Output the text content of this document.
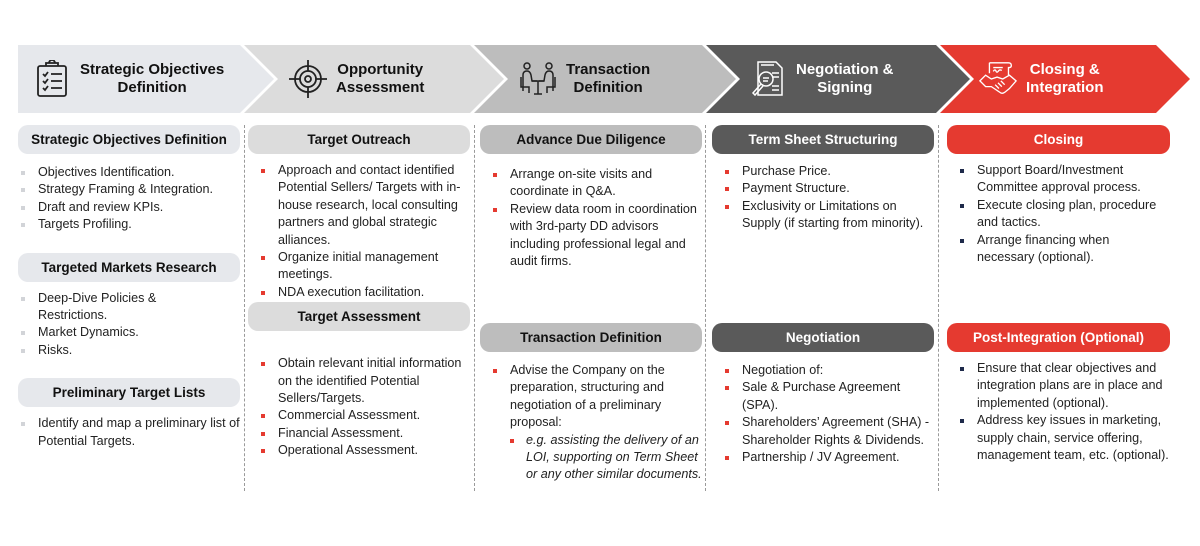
Strategic Objectives
Definition
Opportunity
Assessment
Transaction
Definition
Negotiation &
Signing
Closing &
Integration
Strategic Objectives Definition
Objectives Identification.
Strategy Framing & Integration.
Draft and review KPIs.
Targets Profiling.
Targeted Markets Research
Deep-Dive Policies & Restrictions.
Market Dynamics.
Risks.
Preliminary Target Lists
Identify and map a preliminary list of Potential Targets.
Target Outreach
Approach and contact identified Potential Sellers/ Targets with in-house research, local consulting partners and global strategic alliances.
Organize initial management meetings.
NDA execution facilitation.
Target Assessment
Obtain relevant initial information on the identified Potential Sellers/Targets.
Commercial Assessment.
Financial Assessment.
Operational Assessment.
Advance Due Diligence
Arrange on-site visits and coordinate in Q&A.
Review data room in coordination with 3rd-party DD advisors including professional legal and audit firms.
Transaction Definition
Advise the Company on the preparation, structuring and negotiation of a preliminary proposal:
e.g. assisting the delivery of an LOI, supporting on Term Sheet or any other similar documents.
Term Sheet Structuring
Purchase Price.
Payment Structure.
Exclusivity or Limitations on Supply (if starting from minority).
Negotiation
Negotiation of:
Sale & Purchase Agreement (SPA).
Shareholders’ Agreement (SHA) - Shareholder Rights & Dividends.
Partnership / JV Agreement.
Closing
Support Board/Investment Committee approval process.
Execute closing plan, procedure and tactics.
Arrange financing when necessary (optional).
Post-Integration (Optional)
Ensure that clear objectives and integration plans are in place and implemented (optional).
Address key issues in marketing, supply chain, service offering, management team, etc. (optional).
